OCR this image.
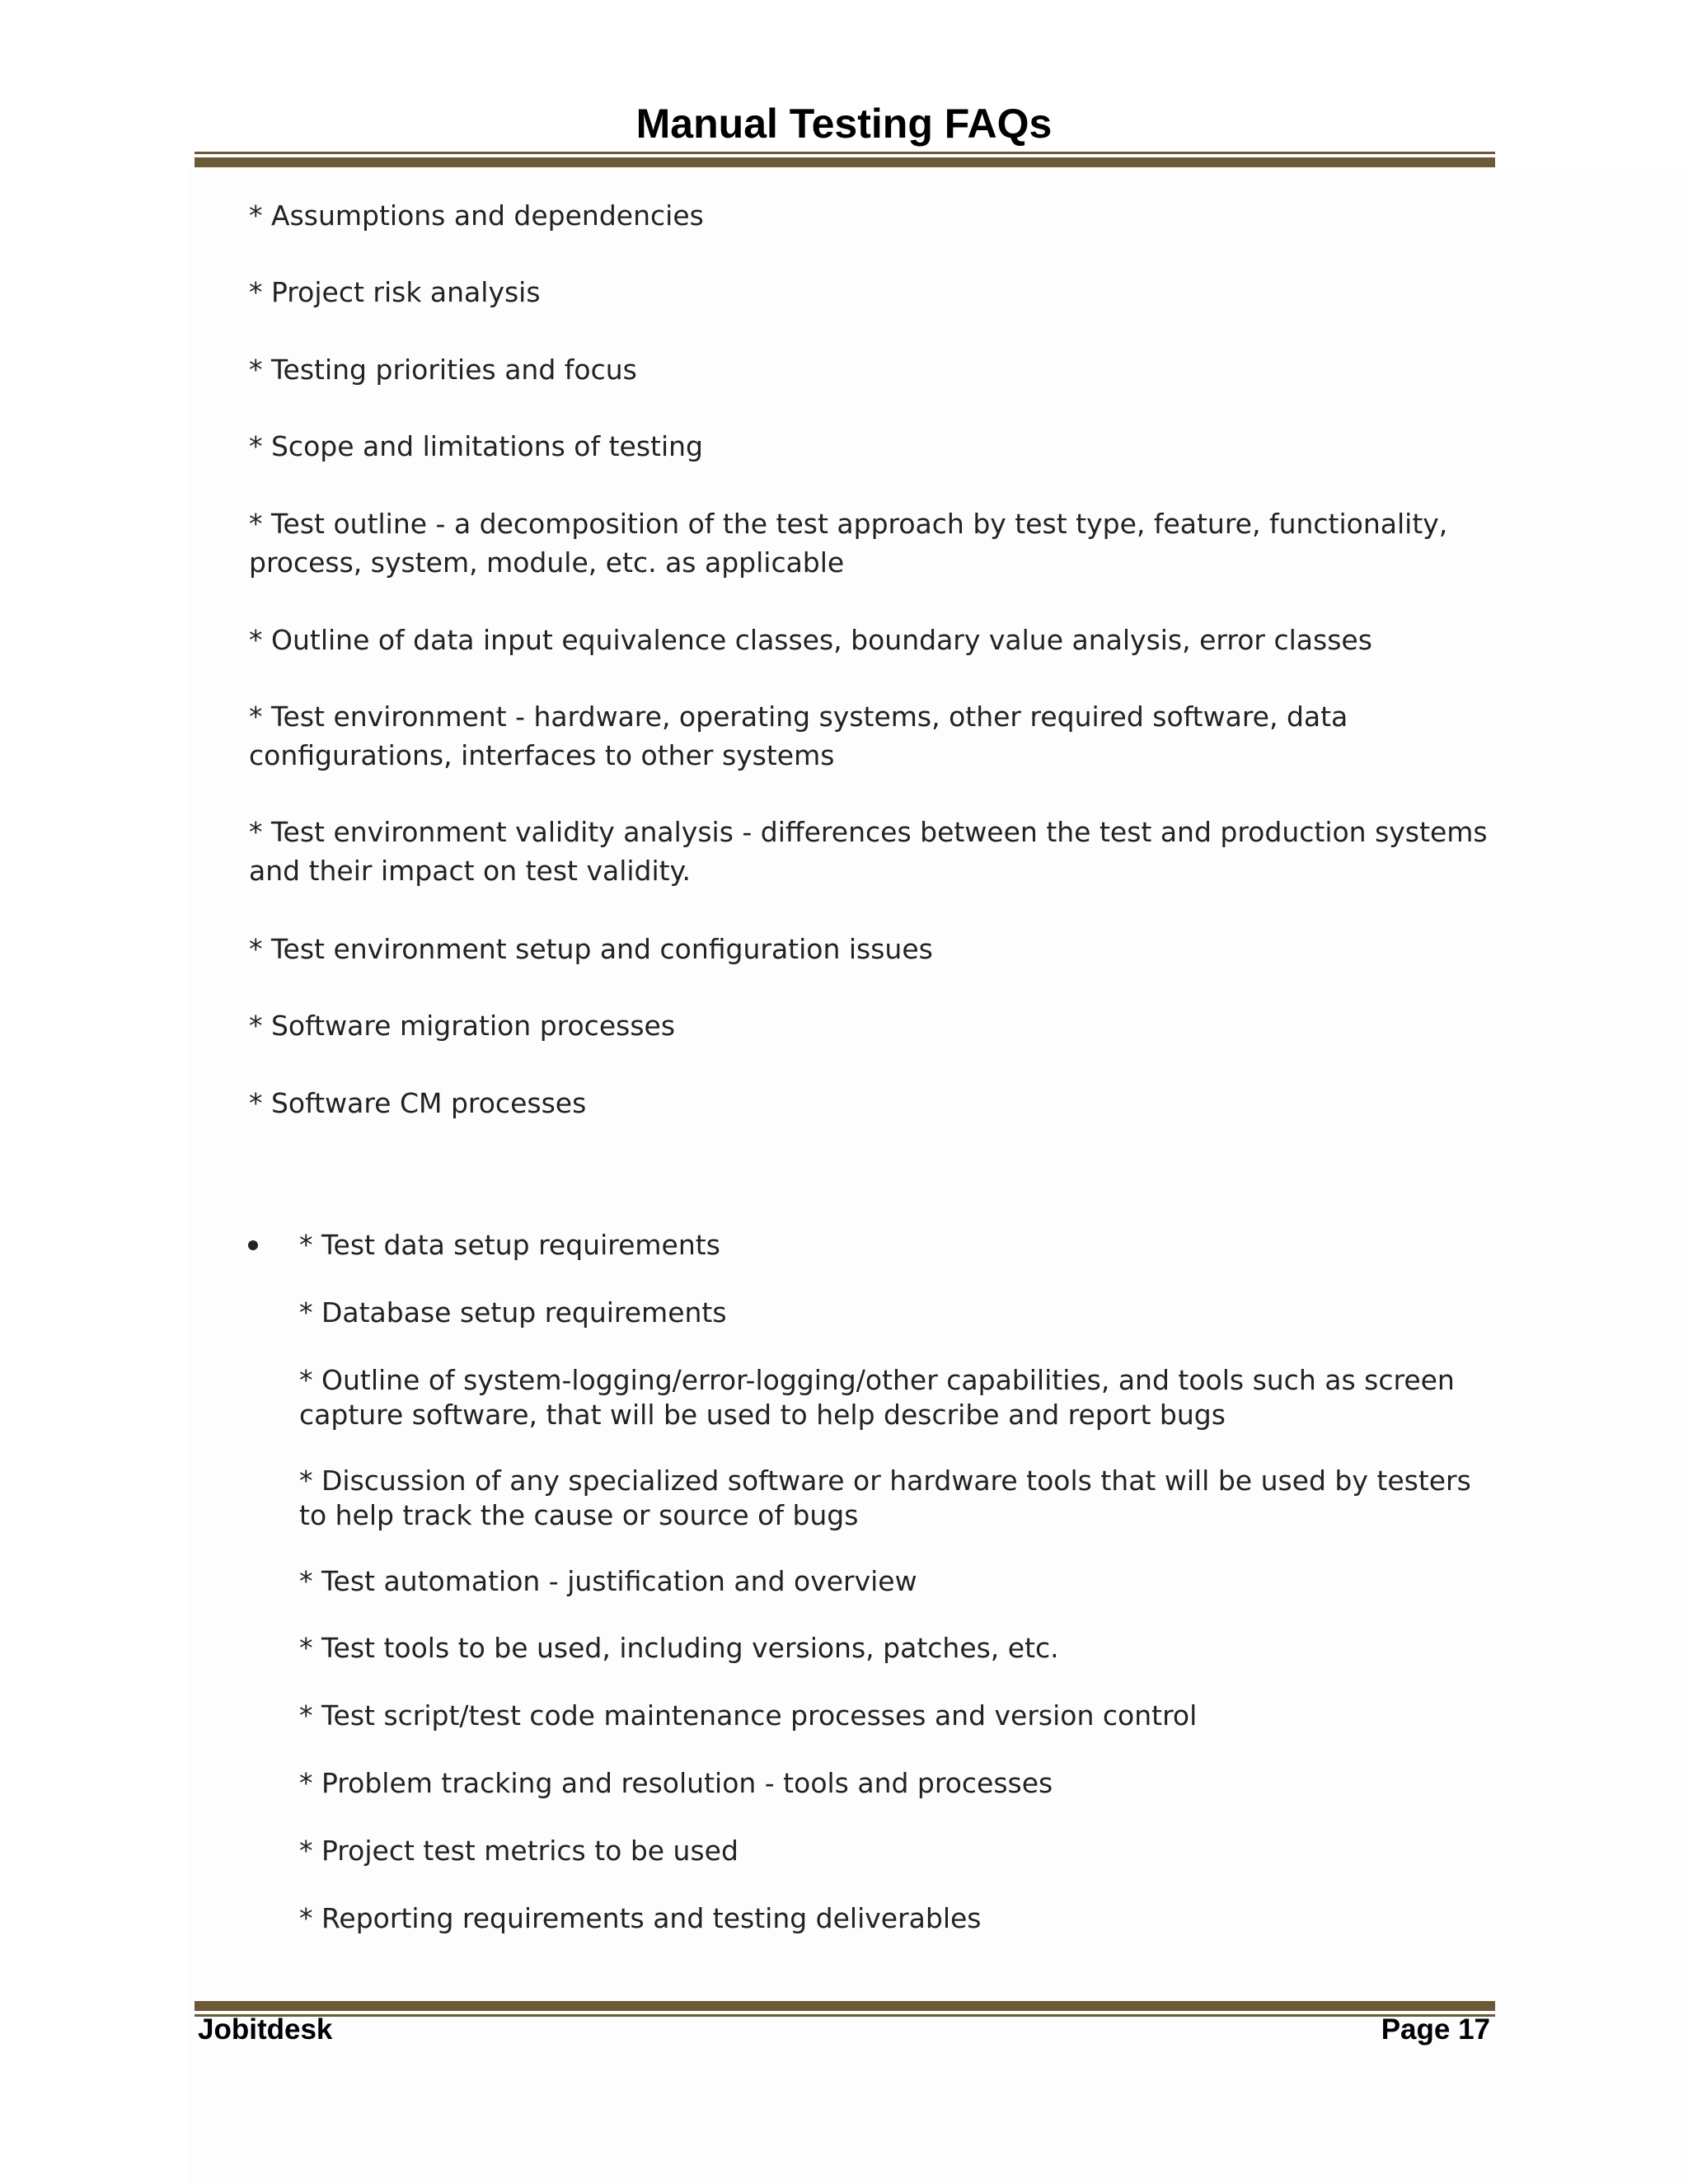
Manual Testing FAQs

* Assumptions and dependencies

* Project risk analysis

* Testing priorities and focus

* Scope and limitations of testing

* Test outline - a decomposition of the test approach by test type, feature, functionality, process, system, module, etc. as applicable

* Outline of data input equivalence classes, boundary value analysis, error classes

* Test environment - hardware, operating systems, other required software, data configurations, interfaces to other systems

* Test environment validity analysis - differences between the test and production systems and their impact on test validity.

* Test environment setup and configuration issues

* Software migration processes

* Software CM processes

* Test data setup requirements

* Database setup requirements

* Outline of system-logging/error-logging/other capabilities, and tools such as screen capture software, that will be used to help describe and report bugs

* Discussion of any specialized software or hardware tools that will be used by testers to help track the cause or source of bugs

* Test automation - justification and overview

* Test tools to be used, including versions, patches, etc.

* Test script/test code maintenance processes and version control

* Problem tracking and resolution - tools and processes

* Project test metrics to be used

* Reporting requirements and testing deliverables

Jobitdesk	Page 17
